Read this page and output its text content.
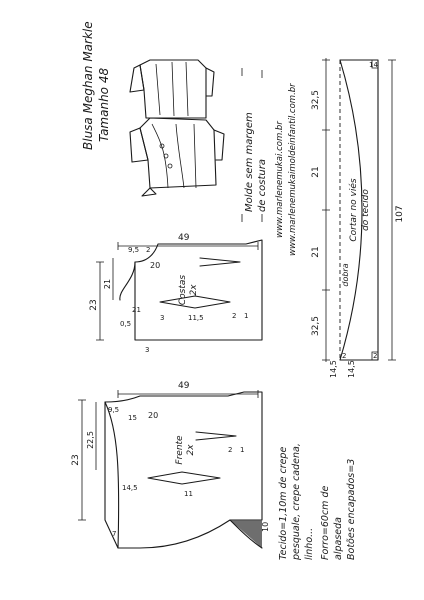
Blusa Meghan Markle Tamanho 48
Molde sem margem de costura www.marlenemukai.com.br www.marlenemukaimoldeinfantil.com.br 32,5
21
21
32,5
107
Cortar no viés do tecido
dobra
14,5 14,5
2
2
14
49
23
21
9,5 2
20
21
3
11,5
3	2 1
0,5
Costas 2x
49
23
22,5
9,5
15 20
14,5
11
2 1
7
10
Frente 2x	Tecido=1,10m de crepe pesquale, crepe cadena, linho... Forro=60cm de alpaseda Botões encapados=3
